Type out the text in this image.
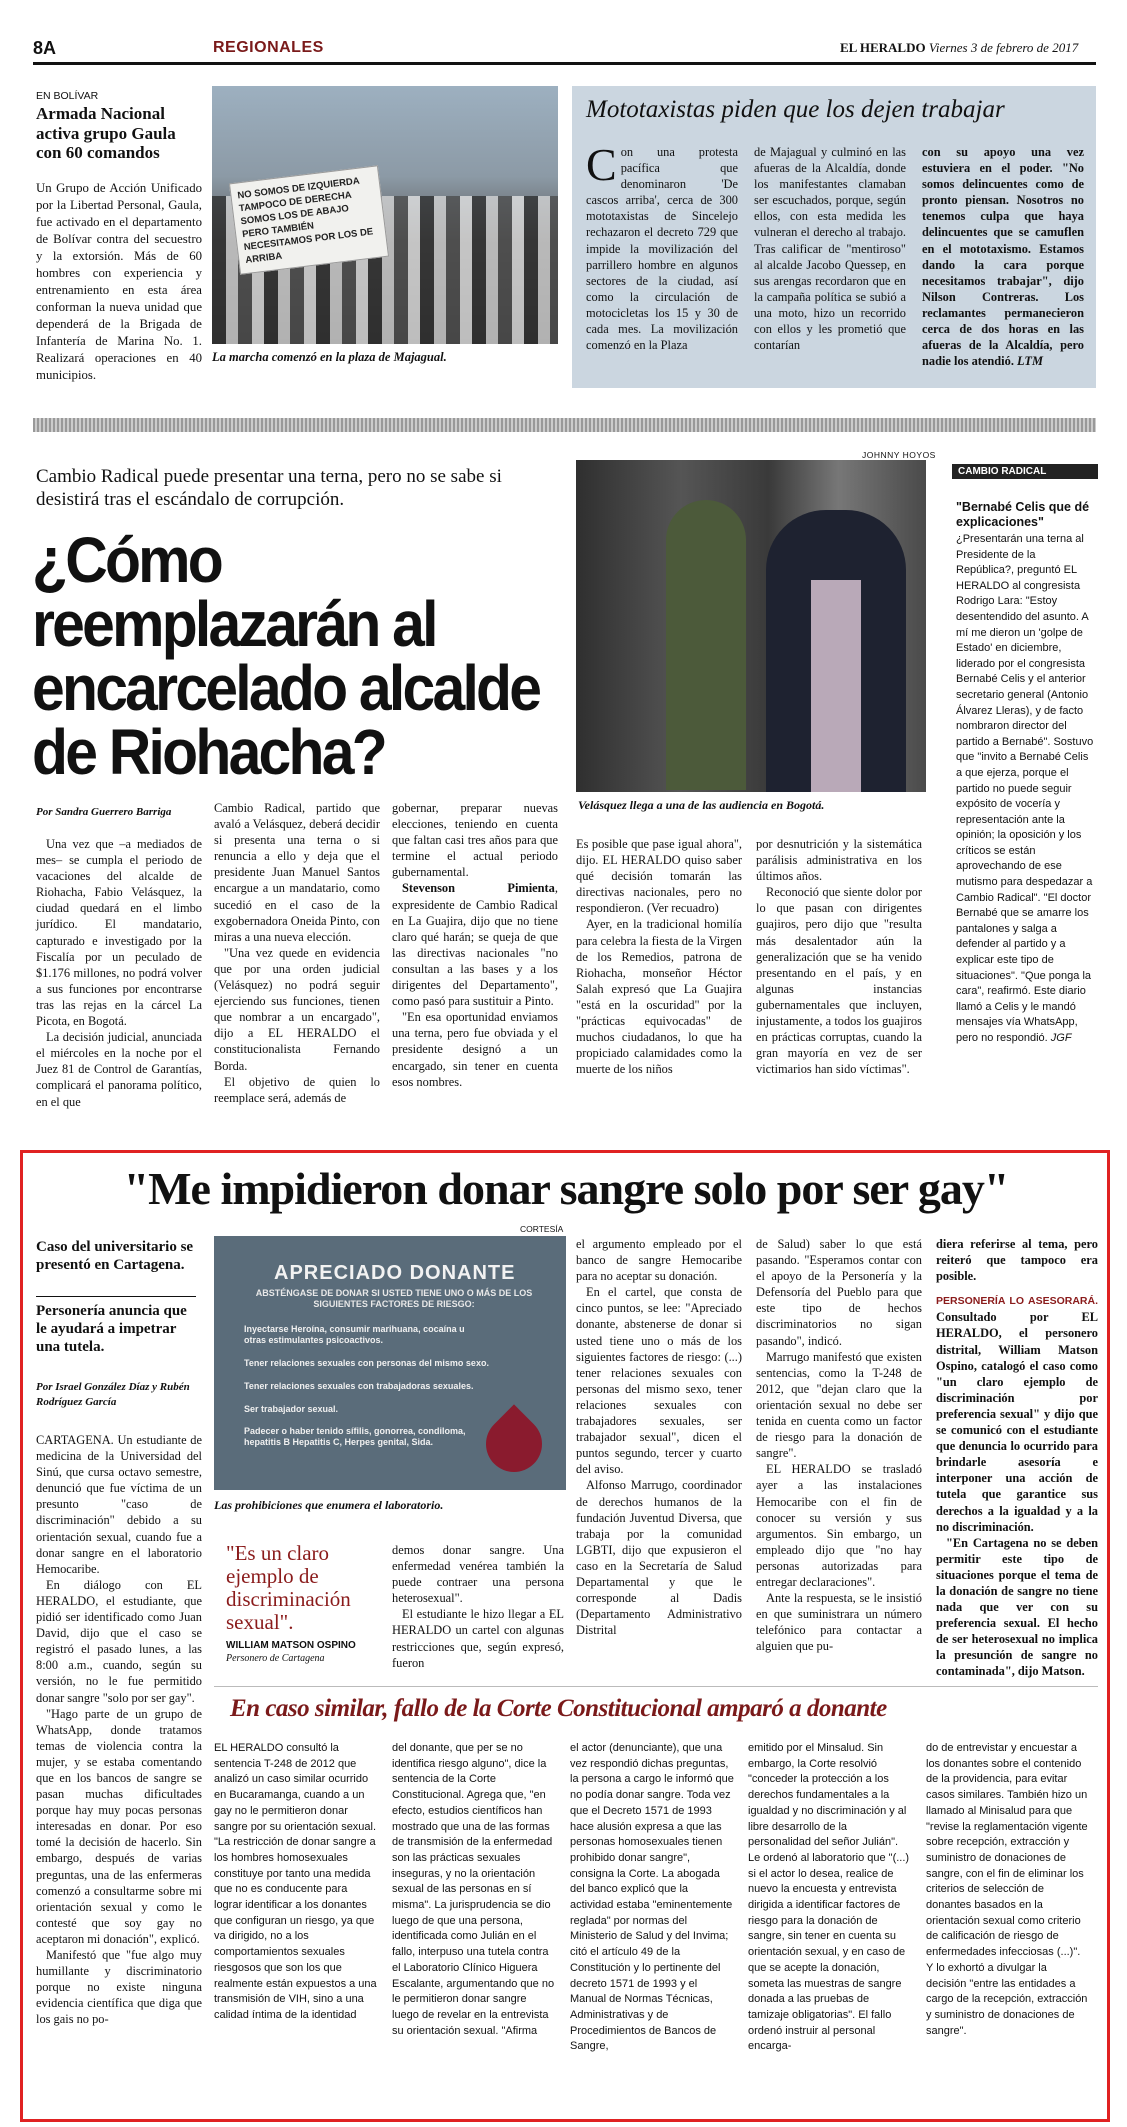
8A	REGIONALES	EL HERALDO Viernes 3 de febrero de 2017
EN BOLÍVAR
Armada Nacional activa grupo Gaula con 60 comandos
Un Grupo de Acción Unificado por la Libertad Personal, Gaula, fue activado en el departamento de Bolívar contra del secuestro y la extorsión. Más de 60 hombres con experiencia y entrenamiento en esta área conforman la nueva unidad que dependerá de la Brigada de Infantería de Marina No. 1. Realizará operaciones en 40 municipios.
NO SOMOS DE IZQUIERDA TAMPOCO DE DERECHA SOMOS LOS DE ABAJO PERO TAMBIÉN NECESITAMOS POR LOS DE ARRIBA
La marcha comenzó en la plaza de Majagual.
Mototaxistas piden que los dejen trabajar
C on una protesta pacífica que denominaron 'De cascos arriba', cerca de 300 mototaxistas de Sincelejo rechazaron el decreto 729 que impide la movilización del parrillero hombre en algunos sectores de la ciudad, así como la circulación de motocicletas los 15 y 30 de cada mes. La movilización comenzó en la Plaza
de Majagual y culminó en las afueras de la Alcaldía, donde los manifestantes clamaban ser escuchados, porque, según ellos, con esta medida les vulneran el derecho al trabajo. Tras calificar de "mentiroso" al alcalde Jacobo Quessep, en sus arengas recordaron que en la campaña política se subió a una moto, hizo un recorrido con ellos y les prometió que contarían
con su apoyo una vez estuviera en el poder. "No somos delincuentes como de pronto piensan. Nosotros no tenemos culpa que haya delincuentes que se camuflen en el mototaxismo. Estamos dando la cara porque necesitamos trabajar", dijo Nilson Contreras. Los reclamantes permanecieron cerca de dos horas en las afueras de la Alcaldía, pero nadie los atendió. LTM
Cambio Radical puede presentar una terna, pero no se sabe si desistirá tras el escándalo de corrupción.
¿Cómo reemplazarán al encarcelado alcalde de Riohacha?
JOHNNY HOYOS
Velásquez llega a una de las audiencia en Bogotá.
CAMBIO RADICAL
"Bernabé Celis que dé explicaciones"
¿Presentarán una terna al Presidente de la República?, preguntó EL HERALDO al congresista Rodrigo Lara: "Estoy desentendido del asunto. A mí me dieron un 'golpe de Estado' en diciembre, liderado por el congresista Bernabé Celis y el anterior secretario general (Antonio Álvarez Lleras), y de facto nombraron director del partido a Bernabé". Sostuvo que "invito a Bernabé Celis a que ejerza, porque el partido no puede seguir expósito de vocería y representación ante la opinión; la oposición y los críticos se están aprovechando de ese mutismo para despedazar a Cambio Radical". "El doctor Bernabé que se amarre los pantalones y salga a defender al partido y a explicar este tipo de situaciones". "Que ponga la cara", reafirmó. Este diario llamó a Celis y le mandó mensajes vía WhatsApp, pero no respondió. JGF
Por Sandra Guerrero Barriga

Una vez que –a mediados de mes– se cumpla el periodo de vacaciones del alcalde de Riohacha, Fabio Velásquez, la ciudad quedará en el limbo jurídico. El mandatario, capturado e investigado por la Fiscalía por un peculado de $1.176 millones, no podrá volver a sus funciones por encontrarse tras las rejas en la cárcel La Picota, en Bogotá.

La decisión judicial, anunciada el miércoles en la noche por el Juez 81 de Control de Garantías, complicará el panorama político, en el que

Cambio Radical, partido que avaló a Velásquez, deberá decidir si presenta una terna o si renuncia a ello y deja que el presidente Juan Manuel Santos encargue a un mandatario, como sucedió en el caso de la exgobernadora Oneida Pinto, con miras a una nueva elección.

"Una vez quede en evidencia que por una orden judicial (Velásquez) no podrá seguir ejerciendo sus funciones, tienen que nombrar a un encargado", dijo a EL HERALDO el constitucionalista Fernando Borda.

El objetivo de quien lo reemplace será, además de

gobernar, preparar nuevas elecciones, teniendo en cuenta que faltan casi tres años para que termine el actual periodo gubernamental.

Stevenson Pimienta, expresidente de Cambio Radical en La Guajira, dijo que no tiene claro qué harán; se queja de que las directivas nacionales "no consultan a las bases y a los dirigentes del Departamento", como pasó para sustituir a Pinto.

"En esa oportunidad enviamos una terna, pero fue obviada y el presidente designó a un encargado, sin tener en cuenta esos nombres.

Es posible que pase igual ahora", dijo. EL HERALDO quiso saber qué decisión tomarán las directivas nacionales, pero no respondieron. (Ver recuadro)

Ayer, en la tradicional homilía para celebra la fiesta de la Virgen de los Remedios, patrona de Riohacha, monseñor Héctor Salah expresó que La Guajira "está en la oscuridad" por la "prácticas equivocadas" de muchos ciudadanos, lo que ha propiciado calamidades como la muerte de los niños

por desnutrición y la sistemática parálisis administrativa en los últimos años.

Reconoció que siente dolor por lo que pasan con dirigentes guajiros, pero dijo que "resulta más desalentador aún la generalización que se ha venido presentando en el país, y en algunas instancias gubernamentales que incluyen, injustamente, a todos los guajiros en prácticas corruptas, cuando la gran mayoría en vez de ser victimarios han sido víctimas".

"Me impidieron donar sangre solo por ser gay"
Caso del universitario se presentó en Cartagena.
Personería anuncia que le ayudará a impetrar una tutela.
Por Israel González Díaz y Rubén Rodríguez García
CORTESÍA
APRECIADO DONANTE
ABSTÉNGASE DE DONAR SI USTED TIENE UNO O MÁS DE LOS SIGUIENTES FACTORES DE RIESGO:
Inyectarse Heroína, consumir marihuana, cocaína u otras estimulantes psicoactivos.
Tener relaciones sexuales con personas del mismo sexo.
Tener relaciones sexuales con trabajadoras sexuales.
Ser trabajador sexual.
Padecer o haber tenido sífilis, gonorrea, condiloma, hepatitis B Hepatitis C, Herpes genital, Sida.
Las prohibiciones que enumera el laboratorio.
"Es un claro ejemplo de discriminación sexual".
WILLIAM MATSON OSPINO
Personero de Cartagena

CARTAGENA. Un estudiante de medicina de la Universidad del Sinú, que cursa octavo semestre, denunció que fue víctima de un presunto "caso de discriminación" debido a su orientación sexual, cuando fue a donar sangre en el laboratorio Hemocaribe.

En diálogo con EL HERALDO, el estudiante, que pidió ser identificado como Juan David, dijo que el caso se registró el pasado lunes, a las 8:00 a.m., cuando, según su versión, no le fue permitido donar sangre "solo por ser gay".

"Hago parte de un grupo de WhatsApp, donde tratamos temas de violencia contra la mujer, y se estaba comentando que en los bancos de sangre se pasan muchas dificultades porque hay muy pocas personas interesadas en donar. Por eso tomé la decisión de hacerlo. Sin embargo, después de varias preguntas, una de las enfermeras comenzó a consultarme sobre mi orientación sexual y como le contesté que soy gay no aceptaron mi donación", explicó.

Manifestó que "fue algo muy humillante y discriminatorio porque no existe ninguna evidencia científica que diga que los gais no po-

demos donar sangre. Una enfermedad venérea también la puede contraer una persona heterosexual".

El estudiante le hizo llegar a EL HERALDO un cartel con algunas restricciones que, según expresó, fueron

el argumento empleado por el banco de sangre Hemocaribe para no aceptar su donación.

En el cartel, que consta de cinco puntos, se lee: "Apreciado donante, abstenerse de donar si usted tiene uno o más de los siguientes factores de riesgo: (...) tener relaciones sexuales con personas del mismo sexo, tener relaciones sexuales con trabajadores sexuales, ser trabajador sexual", dicen el puntos segundo, tercer y cuarto del aviso.

Alfonso Marrugo, coordinador de derechos humanos de la fundación Juventud Diversa, que trabaja por la comunidad LGBTI, dijo que expusieron el caso en la Secretaría de Salud Departamental y que le corresponde al Dadis (Departamento Administrativo Distrital

de Salud) saber lo que está pasando. "Esperamos contar con el apoyo de la Personería y la Defensoría del Pueblo para que este tipo de hechos discriminatorios no sigan pasando", indicó.

Marrugo manifestó que existen sentencias, como la T-248 de 2012, que "dejan claro que la orientación sexual no debe ser tenida en cuenta como un factor de riesgo para la donación de sangre".

EL HERALDO se trasladó ayer a las instalaciones Hemocaribe con el fin de conocer su versión y sus argumentos. Sin embargo, un empleado dijo que "no hay personas autorizadas para entregar declaraciones".

Ante la respuesta, se le insistió en que suministrara un número telefónico para contactar a alguien que pu-

diera referirse al tema, pero reiteró que tampoco era posible.

PERSONERÍA LO ASESORARÁ. Consultado por EL HERALDO, el personero distrital, William Matson Ospino, catalogó el caso como "un claro ejemplo de discriminación por preferencia sexual" y dijo que se comunicó con el estudiante que denuncia lo ocurrido para brindarle asesoría e interponer una acción de tutela que garantice sus derechos a la igualdad y a la no discriminación.

"En Cartagena no se deben permitir este tipo de situaciones porque el tema de la donación de sangre no tiene nada que ver con su preferencia sexual. El hecho de ser heterosexual no implica la presunción de sangre no contaminada", dijo Matson.

En caso similar, fallo de la Corte Constitucional amparó a donante
EL HERALDO consultó la sentencia T-248 de 2012 que analizó un caso similar ocurrido en Bucaramanga, cuando a un gay no le permitieron donar sangre por su orientación sexual. "La restricción de donar sangre a los hombres homosexuales constituye por tanto una medida que no es conducente para lograr identificar a los donantes que configuran un riesgo, ya que va dirigido, no a los comportamientos sexuales riesgosos que son los que realmente están expuestos a una transmisión de VIH, sino a una calidad íntima de la identidad
del donante, que per se no identifica riesgo alguno", dice la sentencia de la Corte Constitucional. Agrega que, "en efecto, estudios científicos han mostrado que una de las formas de transmisión de la enfermedad son las prácticas sexuales inseguras, y no la orientación sexual de las personas en sí misma". La jurisprudencia se dio luego de que una persona, identificada como Julián en el fallo, interpuso una tutela contra el Laboratorio Clínico Higuera Escalante, argumentando que no le permitieron donar sangre luego de revelar en la entrevista su orientación sexual. "Afirma
el actor (denunciante), que una vez respondió dichas preguntas, la persona a cargo le informó que no podía donar sangre. Toda vez que el Decreto 1571 de 1993 hace alusión expresa a que las personas homosexuales tienen prohibido donar sangre", consigna la Corte. La abogada del banco explicó que la actividad estaba "eminentemente reglada" por normas del Ministerio de Salud y del Invima; citó el artículo 49 de la Constitución y lo pertinente del decreto 1571 de 1993 y el Manual de Normas Técnicas, Administrativas y de Procedimientos de Bancos de Sangre,
emitido por el Minsalud. Sin embargo, la Corte resolvió "conceder la protección a los derechos fundamentales a la igualdad y no discriminación y al libre desarrollo de la personalidad del señor Julián". Le ordenó al laboratorio que "(...) si el actor lo desea, realice de nuevo la encuesta y entrevista dirigida a identificar factores de riesgo para la donación de sangre, sin tener en cuenta su orientación sexual, y en caso de que se acepte la donación, someta las muestras de sangre donada a las pruebas de tamizaje obligatorias". El fallo ordenó instruir al personal encarga-
do de entrevistar y encuestar a los donantes sobre el contenido de la providencia, para evitar casos similares. También hizo un llamado al Minisalud para que "revise la reglamentación vigente sobre recepción, extracción y suministro de donaciones de sangre, con el fin de eliminar los criterios de selección de donantes basados en la orientación sexual como criterio de calificación de riesgo de enfermedades infecciosas (...)". Y lo exhortó a divulgar la decisión "entre las entidades a cargo de la recepción, extracción y suministro de donaciones de sangre".
